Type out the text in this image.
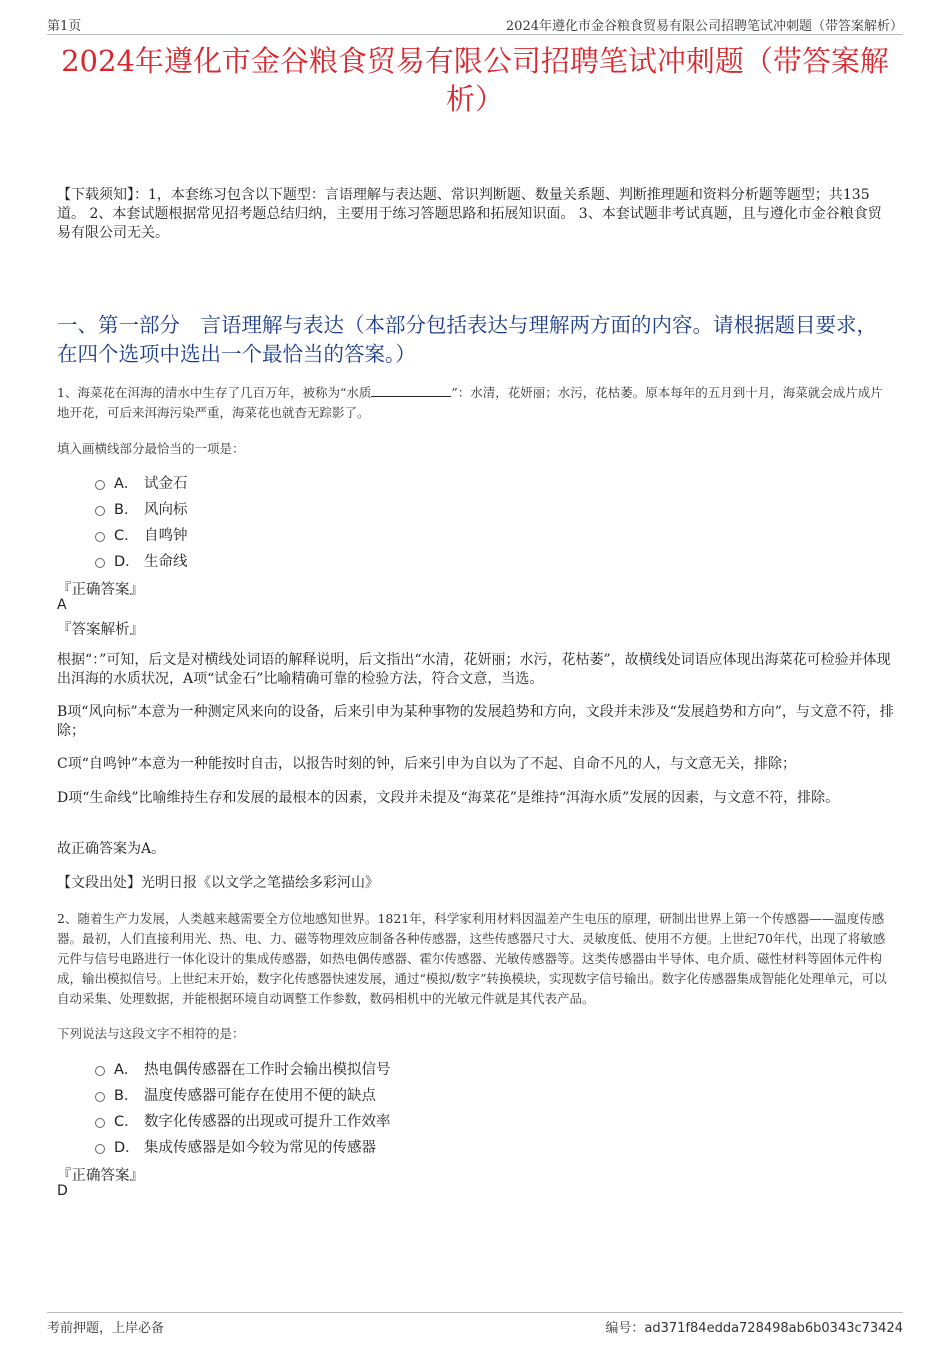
第1页	2024年遵化市金谷粮食贸易有限公司招聘笔试冲刺题（带答案解析）
2024年遵化市金谷粮食贸易有限公司招聘笔试冲刺题（带答案解析）
【下载须知】：1，本套练习包含以下题型：言语理解与表达题、常识判断题、数量关系题、判断推理题和资料分析题等题型；共135道。 2、本套试题根据常见招考题总结归纳，主要用于练习答题思路和拓展知识面。 3、本套试题非考试真题，且与遵化市金谷粮食贸易有限公司无关。
一、第一部分　言语理解与表达（本部分包括表达与理解两方面的内容。请根据题目要求，在四个选项中选出一个最恰当的答案。）
1、海菜花在洱海的清水中生存了几百万年，被称为“水质	”：水清，花妍丽；水污，花枯萎。原本每年的五月到十月，海菜就会成片成片地开花，可后来洱海污染严重，海菜花也就杳无踪影了。
填入画横线部分最恰当的一项是：
A． 试金石
B． 风向标
C． 自鸣钟
D． 生命线
『正确答案』
A
『答案解析』
根据“：”可知，后文是对横线处词语的解释说明，后文指出“水清，花妍丽；水污，花枯萎”，故横线处词语应体现出海菜花可检验并体现出洱海的水质状况，A项“试金石”比喻精确可靠的检验方法，符合文意，当选。
B项“风向标”本意为一种测定风来向的设备，后来引申为某种事物的发展趋势和方向，文段并未涉及“发展趋势和方向”，与文意不符，排除；
C项“自鸣钟”本意为一种能按时自击，以报告时刻的钟，后来引申为自以为了不起、自命不凡的人，与文意无关，排除；
D项“生命线”比喻维持生存和发展的最根本的因素，文段并未提及“海菜花”是维持“洱海水质”发展的因素，与文意不符，排除。
故正确答案为A。
【文段出处】光明日报《以文学之笔描绘多彩河山》
2、随着生产力发展，人类越来越需要全方位地感知世界。1821年，科学家利用材料因温差产生电压的原理，研制出世界上第一个传感器——温度传感器。最初，人们直接利用光、热、电、力、磁等物理效应制备各种传感器，这些传感器尺寸大、灵敏度低、使用不方便。上世纪70年代，出现了将敏感元件与信号电路进行一体化设计的集成传感器，如热电偶传感器、霍尔传感器、光敏传感器等。这类传感器由半导体、电介质、磁性材料等固体元件构成，输出模拟信号。上世纪末开始，数字化传感器快速发展，通过“模拟/数字”转换模块，实现数字信号输出。数字化传感器集成智能化处理单元，可以自动采集、处理数据，并能根据环境自动调整工作参数，数码相机中的光敏元件就是其代表产品。
下列说法与这段文字不相符的是：
A． 热电偶传感器在工作时会输出模拟信号
B． 温度传感器可能存在使用不便的缺点
C． 数字化传感器的出现或可提升工作效率
D． 集成传感器是如今较为常见的传感器
『正确答案』
D
考前押题，上岸必备	编号：ad371f84edda728498ab6b0343c73424
